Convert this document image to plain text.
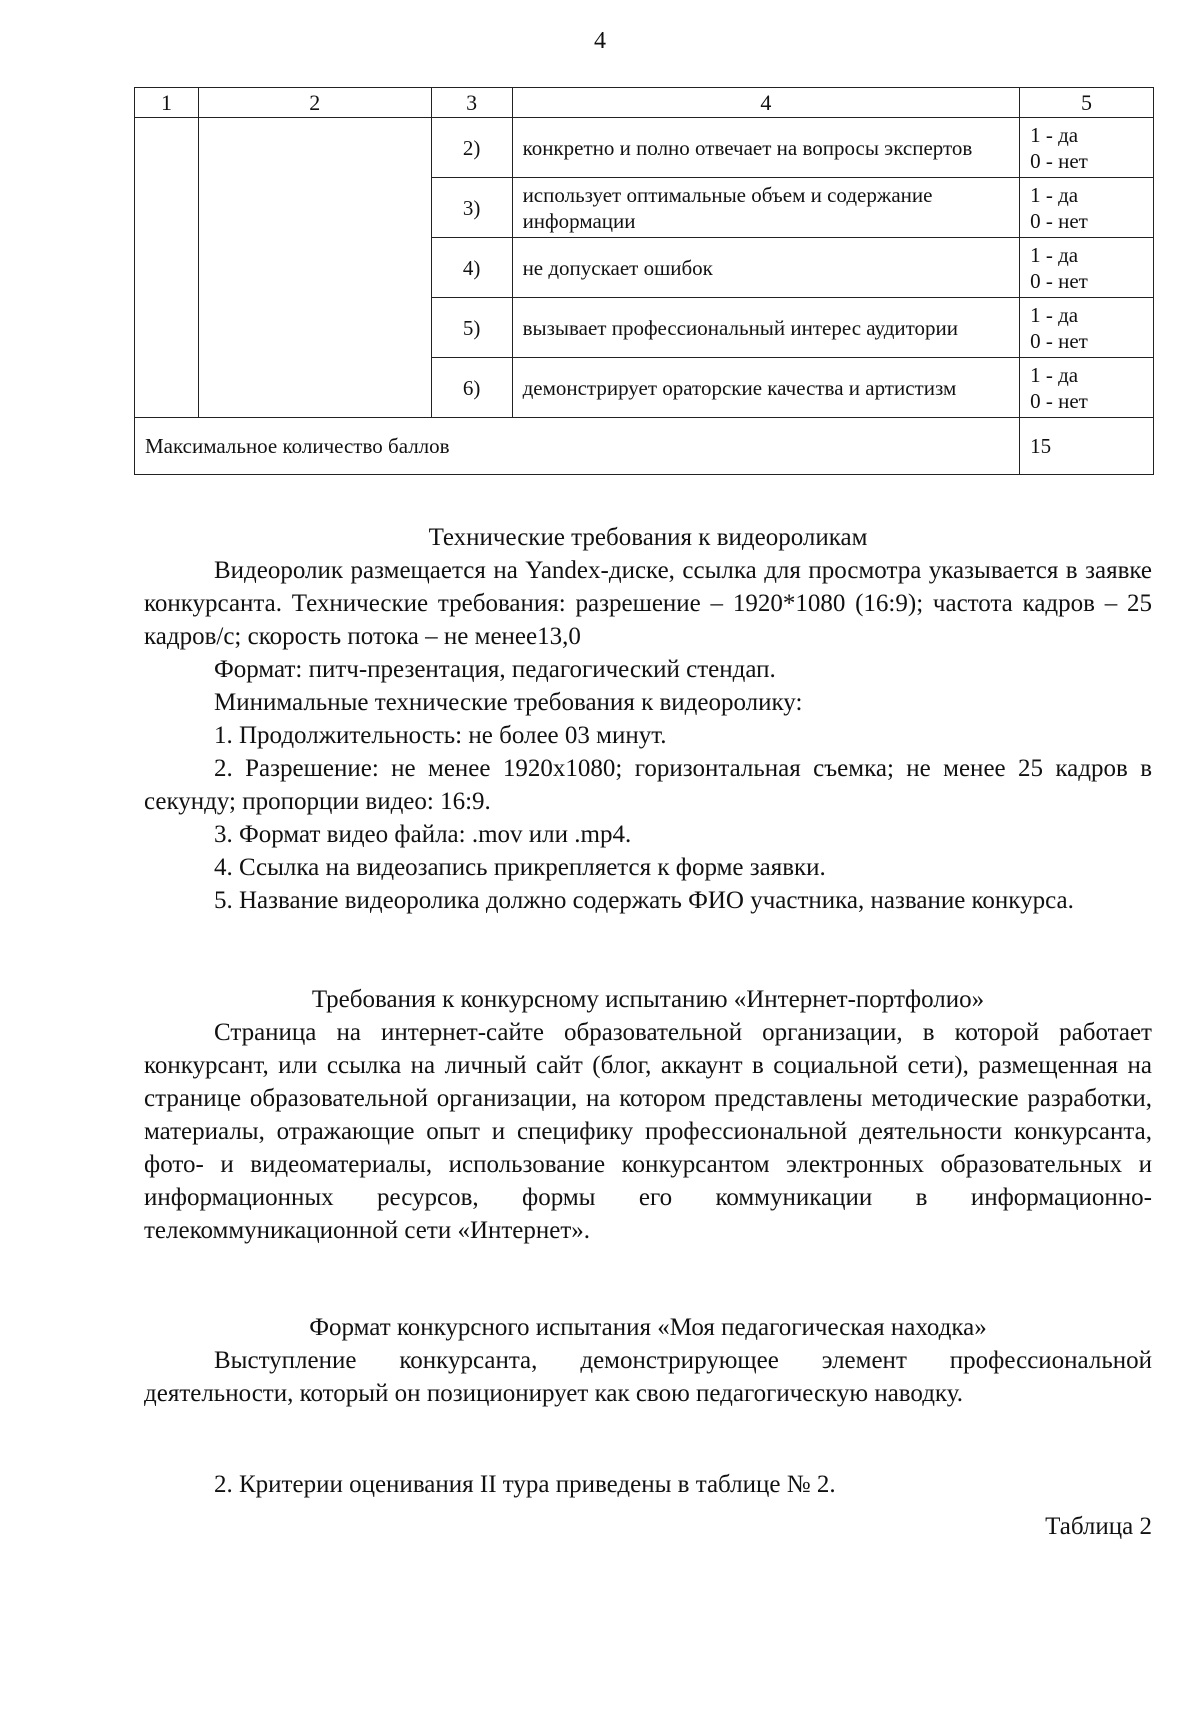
4
1	2	3	4	5
		2)	конкретно и полно отвечает на вопросы экспертов	1 - да
0 - нет
		3)	использует оптимальные объем и содержание информации	1 - да
0 - нет
		4)	не допускает ошибок	1 - да
0 - нет
		5)	вызывает профессиональный интерес аудитории	1 - да
0 - нет
		6)	демонстрирует ораторские качества и артистизм	1 - да
0 - нет
Максимальное количество баллов				15
Технические требования к видеороликам
Видеоролик размещается на Yandex-диске, ссылка для просмотра указывается в заявке конкурсанта. Технические требования: разрешение – 1920*1080 (16:9); частота кадров – 25 кадров/с; скорость потока – не менее13,0
Формат: питч-презентация, педагогический стендап.
Минимальные технические требования к видеоролику:
1. Продолжительность: не более 03 минут.
2. Разрешение: не менее 1920x1080; горизонтальная съемка; не менее 25 кадров в секунду; пропорции видео: 16:9.
3. Формат видео файла: .mov или .mp4.
4. Ссылка на видеозапись прикрепляется к форме заявки.
5. Название видеоролика должно содержать ФИО участника, название конкурса.
Требования к конкурсному испытанию «Интернет-портфолио»
Страница на интернет-сайте образовательной организации, в которой работает конкурсант, или ссылка на личный сайт (блог, аккаунт в социальной сети), размещенная на странице образовательной организации, на котором представлены методические разработки, материалы, отражающие опыт и специфику профессиональной деятельности конкурсанта, фото- и видеоматериалы, использование конкурсантом электронных образовательных и информационных ресурсов, формы его коммуникации в информационно-телекоммуникационной сети «Интернет».
Формат конкурсного испытания «Моя педагогическая находка»
Выступление конкурсанта, демонстрирующее элемент профессиональной деятельности, который он позиционирует как свою педагогическую наводку.
2. Критерии оценивания II тура приведены в таблице № 2.
Таблица 2
